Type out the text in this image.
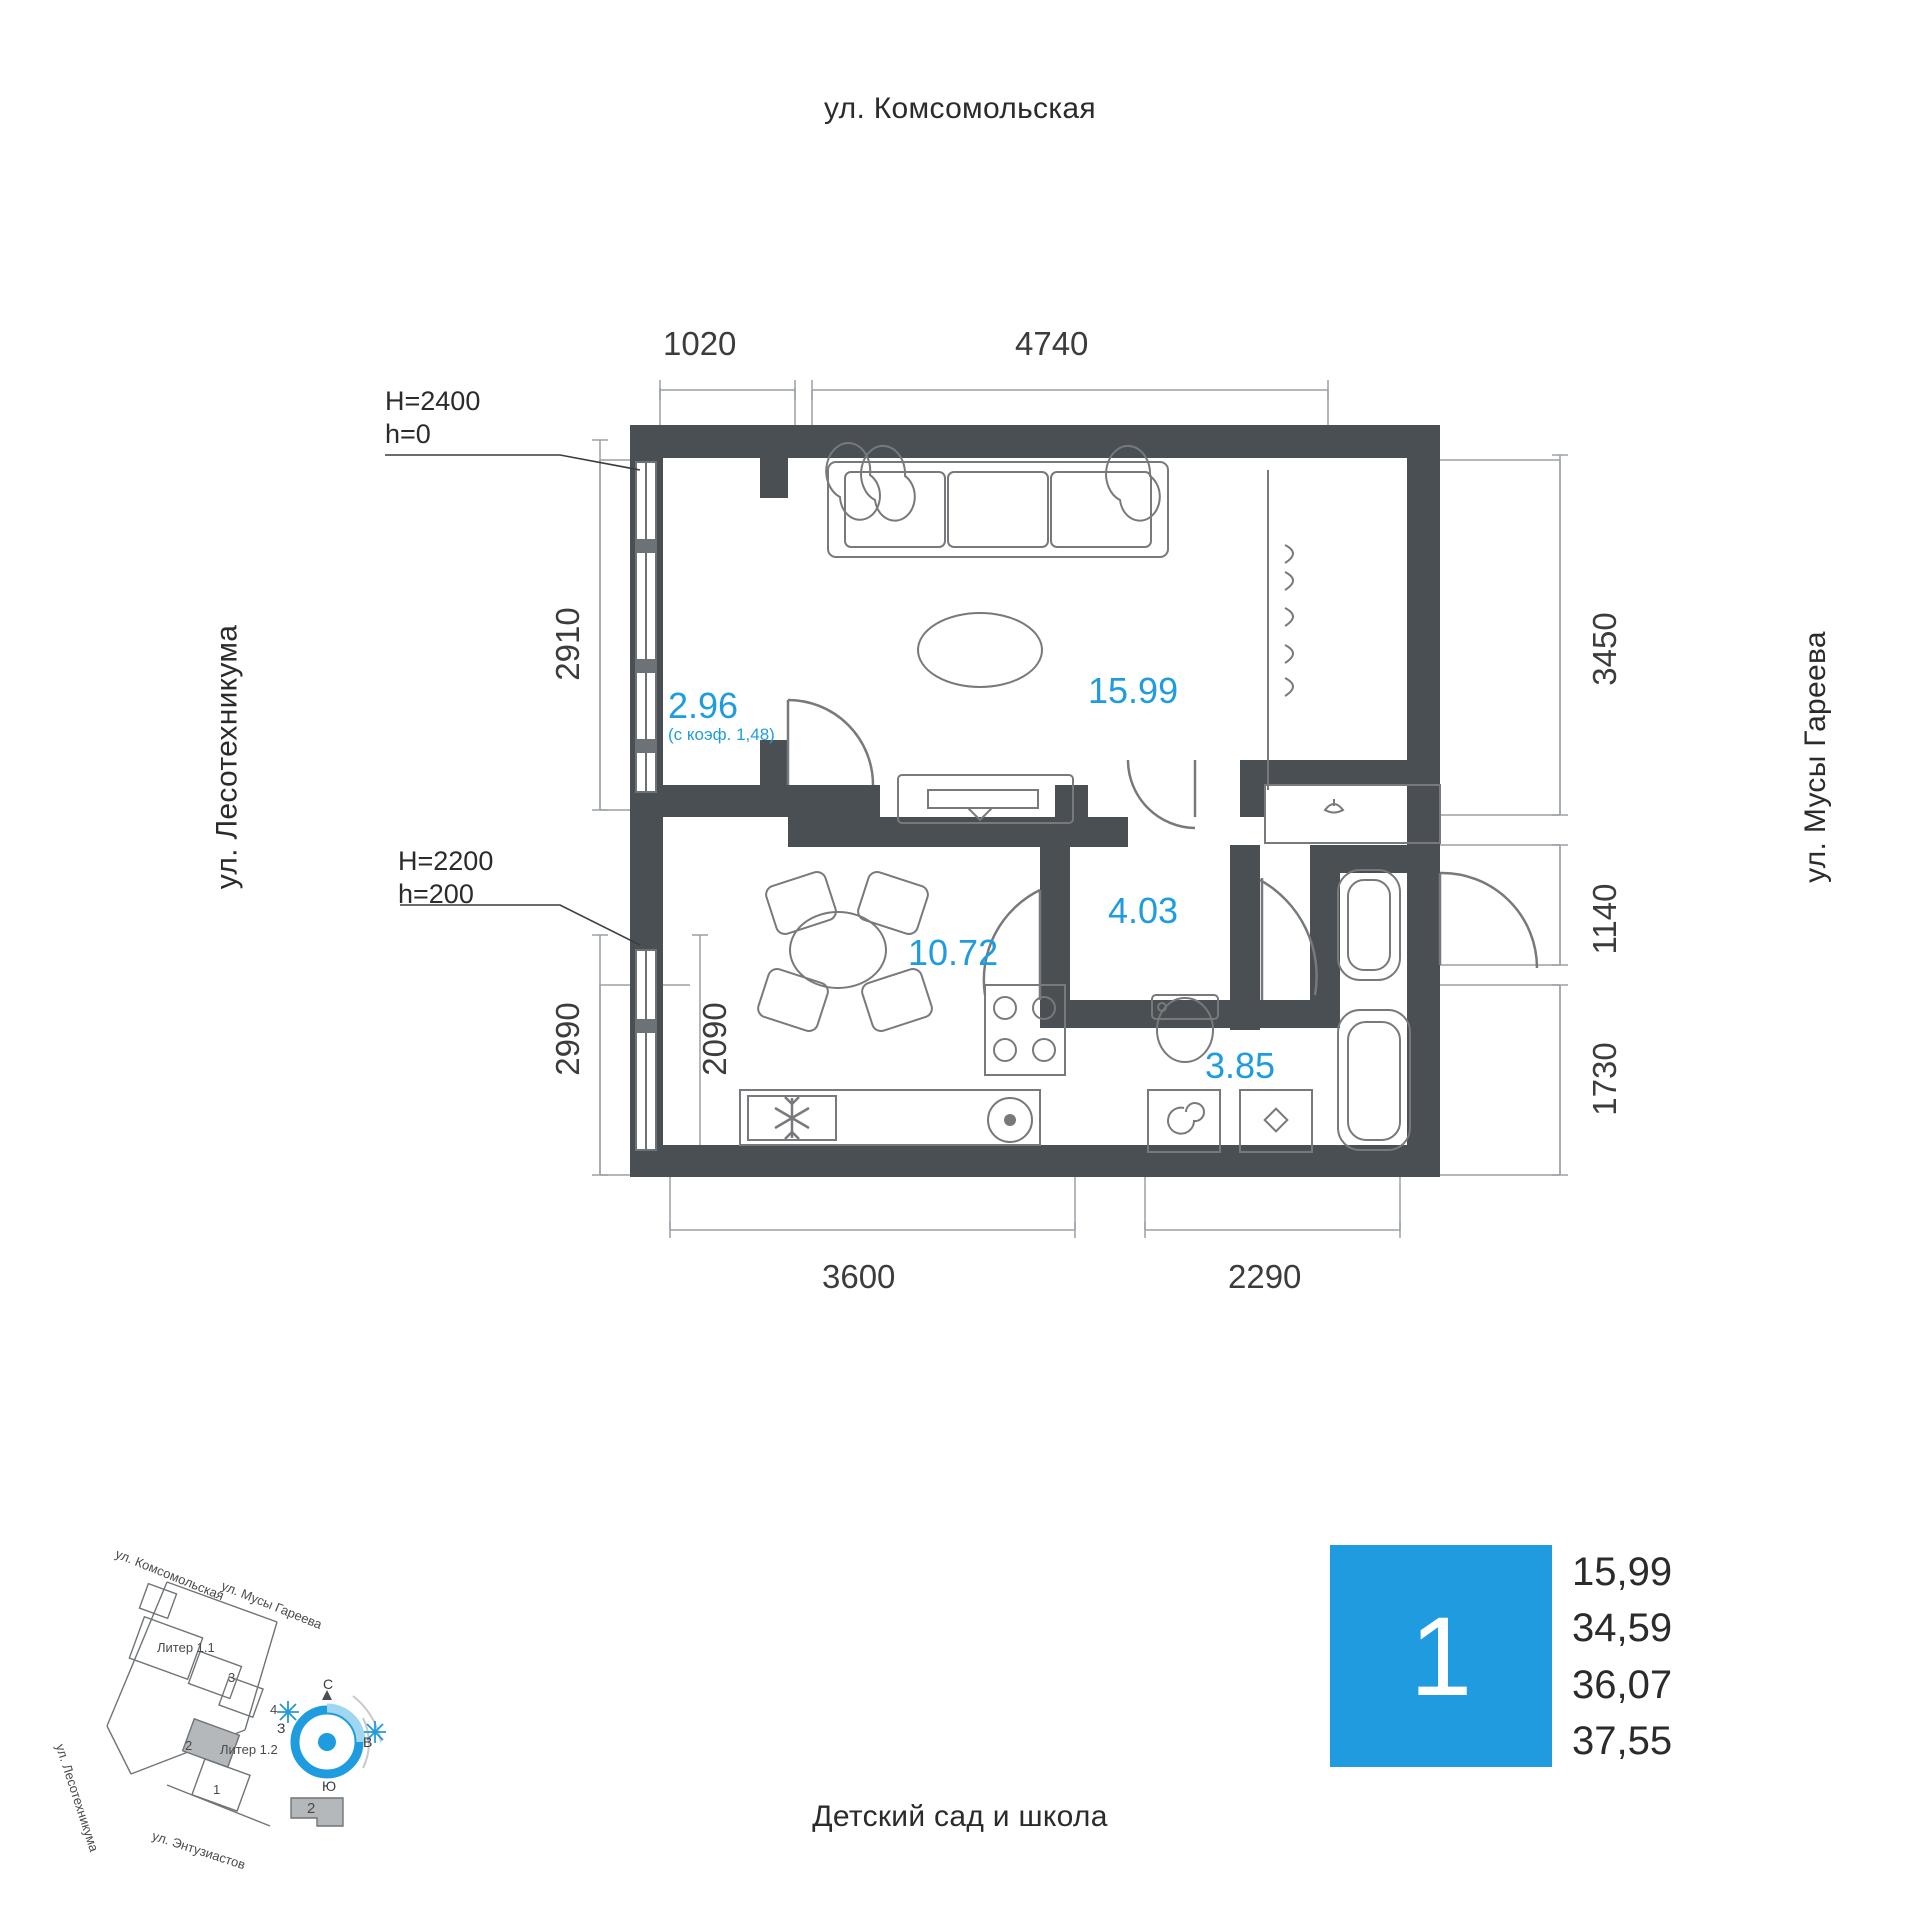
ул. Комсомольская
Детский сад и школа
ул. Лесотехникума	ул. Мусы Гареева
1020	4740
2910
2990	2090
3450
1140
1730
3600	2290
H=2400
h=0
H=2200
h=200
2.96
(с коэф. 1,48)
15.99
10.72
4.03
3.85
1
15,99
34,59
36,07
37,55
ул. Комсомольская
ул. Мусы Гареева
ул. Лесотехникума	ул. Энтузиастов
Литер 1.1
Литер 1.2
3
4
2
1
2
С
Ю
З
В
